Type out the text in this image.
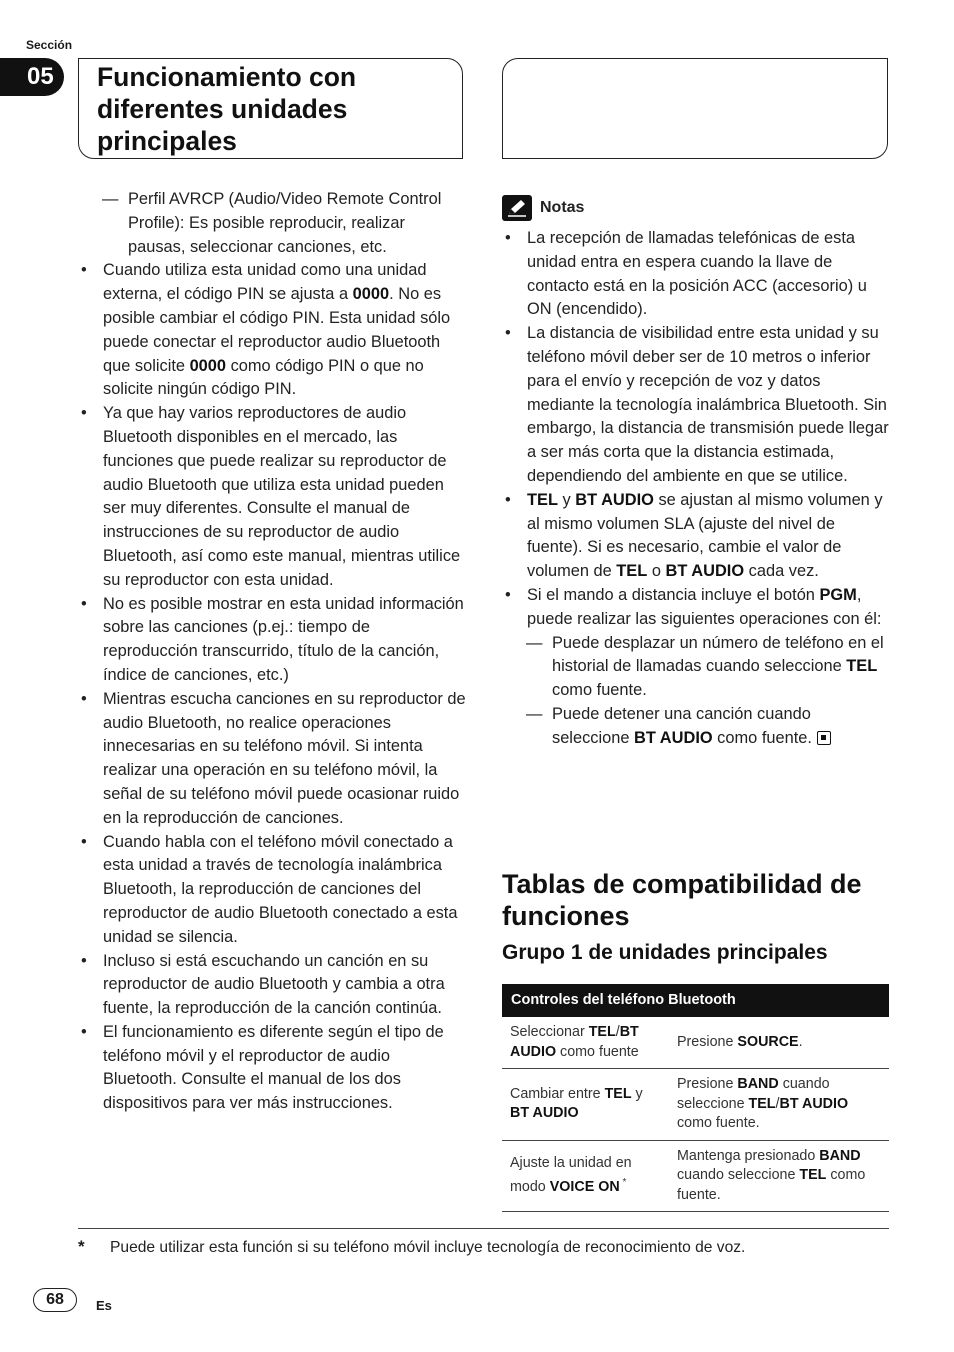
Sección
05	Funcionamiento con
diferentes unidades
principales
— Perfil AVRCP (Audio/Video Remote Control Profile): Es posible reproducir, realizar pausas, seleccionar canciones, etc.
• Cuando utiliza esta unidad como una unidad externa, el código PIN se ajusta a 0000. No es posible cambiar el código PIN. Esta unidad sólo puede conectar el reproductor audio Bluetooth que solicite 0000 como código PIN o que no solicite ningún código PIN.
• Ya que hay varios reproductores de audio Bluetooth disponibles en el mercado, las funciones que puede realizar su reproductor de audio Bluetooth que utiliza esta unidad pueden ser muy diferentes. Consulte el manual de instrucciones de su reproductor de audio Bluetooth, así como este manual, mientras utilice su reproductor con esta unidad.
• No es posible mostrar en esta unidad información sobre las canciones (p.ej.: tiempo de reproducción transcurrido, título de la canción, índice de canciones, etc.)
• Mientras escucha canciones en su reproductor de audio Bluetooth, no realice operaciones innecesarias en su teléfono móvil. Si intenta realizar una operación en su teléfono móvil, la señal de su teléfono móvil puede ocasionar ruido en la reproducción de canciones.
• Cuando habla con el teléfono móvil conectado a esta unidad a través de tecnología inalámbrica Bluetooth, la reproducción de canciones del reproductor de audio Bluetooth conectado a esta unidad se silencia.
• Incluso si está escuchando un canción en su reproductor de audio Bluetooth y cambia a otra fuente, la reproducción de la canción continúa.
• El funcionamiento es diferente según el tipo de teléfono móvil y el reproductor de audio Bluetooth. Consulte el manual de los dos dispositivos para ver más instrucciones.
Notas
• La recepción de llamadas telefónicas de esta unidad entra en espera cuando la llave de contacto está en la posición ACC (accesorio) u ON (encendido).
• La distancia de visibilidad entre esta unidad y su teléfono móvil deber ser de 10 metros o inferior para el envío y recepción de voz y datos mediante la tecnología inalámbrica Bluetooth. Sin embargo, la distancia de transmisión puede llegar a ser más corta que la distancia estimada, dependiendo del ambiente en que se utilice.
• TEL y BT AUDIO se ajustan al mismo volumen y al mismo volumen SLA (ajuste del nivel de fuente). Si es necesario, cambie el valor de volumen de TEL o BT AUDIO cada vez.
• Si el mando a distancia incluye el botón PGM, puede realizar las siguientes operaciones con él:
— Puede desplazar un número de teléfono en el historial de llamadas cuando seleccione TEL como fuente.
— Puede detener una canción cuando seleccione BT AUDIO como fuente.
Tablas de compatibilidad de funciones
Grupo 1 de unidades principales
Controles del teléfono Bluetooth	
Seleccionar TEL/BT AUDIO como fuente	Presione SOURCE.
Cambiar entre TEL y BT AUDIO	Presione BAND cuando seleccione TEL/BT AUDIO como fuente.
Ajuste la unidad en modo VOICE ON *	Mantenga presionado BAND cuando seleccione TEL como fuente.
* Puede utilizar esta función si su teléfono móvil incluye tecnología de reconocimiento de voz.
68	Es
